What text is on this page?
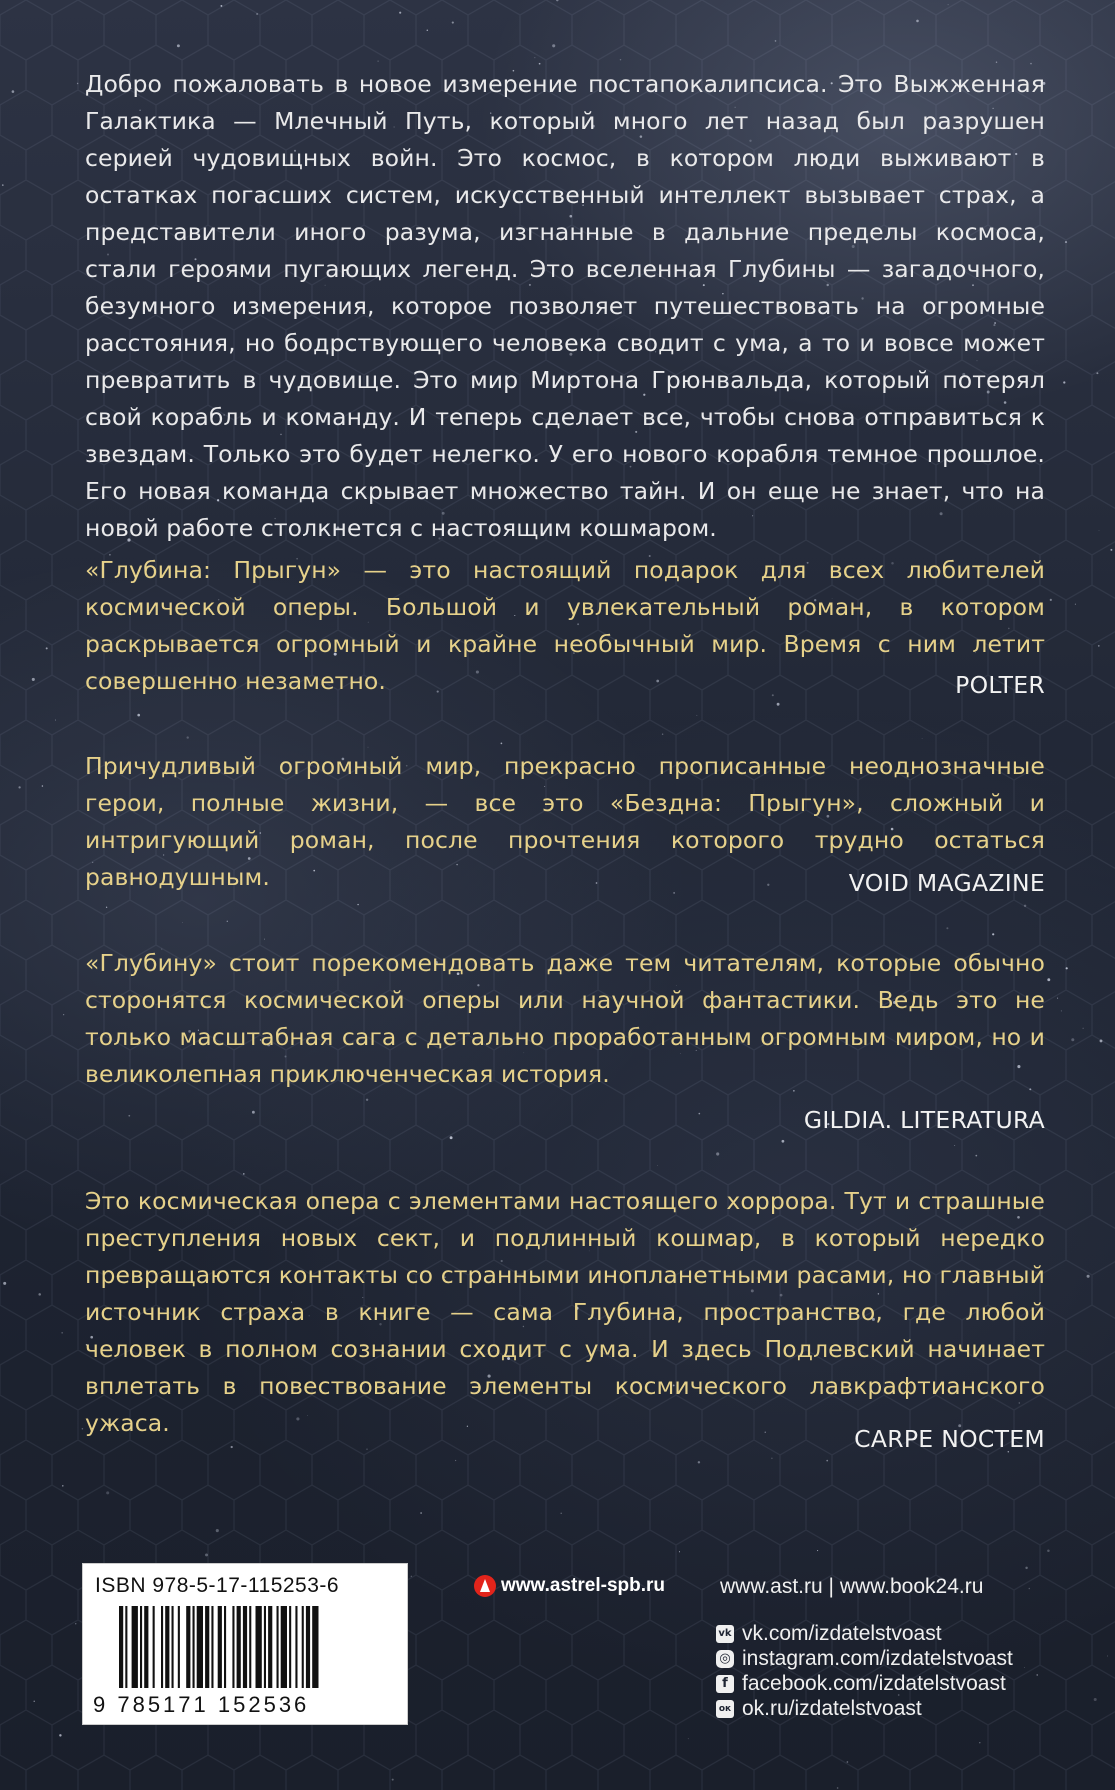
Добро пожаловать в новое измерение постапокалипсиса. Это Выжженная Галактика — Млечный Путь, который много лет назад был разрушен серией чудовищных войн. Это космос, в котором люди выживают в остатках погасших систем, искусственный интеллект вызывает страх, а представители иного разума, изгнанные в дальние пределы космоса, стали героями пугающих легенд. Это вселенная Глубины — загадочного, безумного измерения, которое позволяет путешествовать на огромные расстояния, но бодрствующего человека сводит с ума, а то и вовсе может превратить в чудовище. Это мир Миртона Грюнвальда, который потерял свой корабль и команду. И теперь сделает все, чтобы снова отправиться к звездам. Только это будет нелегко. У его нового корабля темное прошлое. Его новая команда скрывает множество тайн. И он еще не знает, что на новой работе столкнется с настоящим кошмаром.
«Глубина: Прыгун» — это настоящий подарок для всех любителей космической оперы. Большой и увлекательный роман, в котором раскрывается огромный и крайне необычный мир. Время с ним летит совершенно незаметно.	POLTER
Причудливый огромный мир, прекрасно прописанные неоднозначные герои, полные жизни, — все это «Бездна: Прыгун», сложный и интригующий роман, после прочтения которого трудно остаться равнодушным.	VOID MAGAZINE
«Глубину» стоит порекомендовать даже тем читателям, которые обычно сторонятся космической оперы или научной фантастики. Ведь это не только масштабная сага с детально проработанным огромным миром, но и великолепная приключенческая история.
GILDIA. LITERATURA
Это космическая опера с элементами настоящего хоррора. Тут и страшные преступления новых сект, и подлинный кошмар, в который нередко превращаются контакты со странными инопланетными расами, но главный источник страха в книге — сама Глубина, пространство, где любой человек в полном сознании сходит с ума. И здесь Подлевский начинает вплетать в повествование элементы космического лавкрафтианского ужаса.
CARPE NOCTEM
ISBN 978-5-17-115253-6
9 785171 152536
www.astrel-spb.ru	www.ast.ru | www.book24.ru
vk vk.com/izdatelstvoast
◎ instagram.com/izdatelstvoast
f facebook.com/izdatelstvoast
ок ok.ru/izdatelstvoast
